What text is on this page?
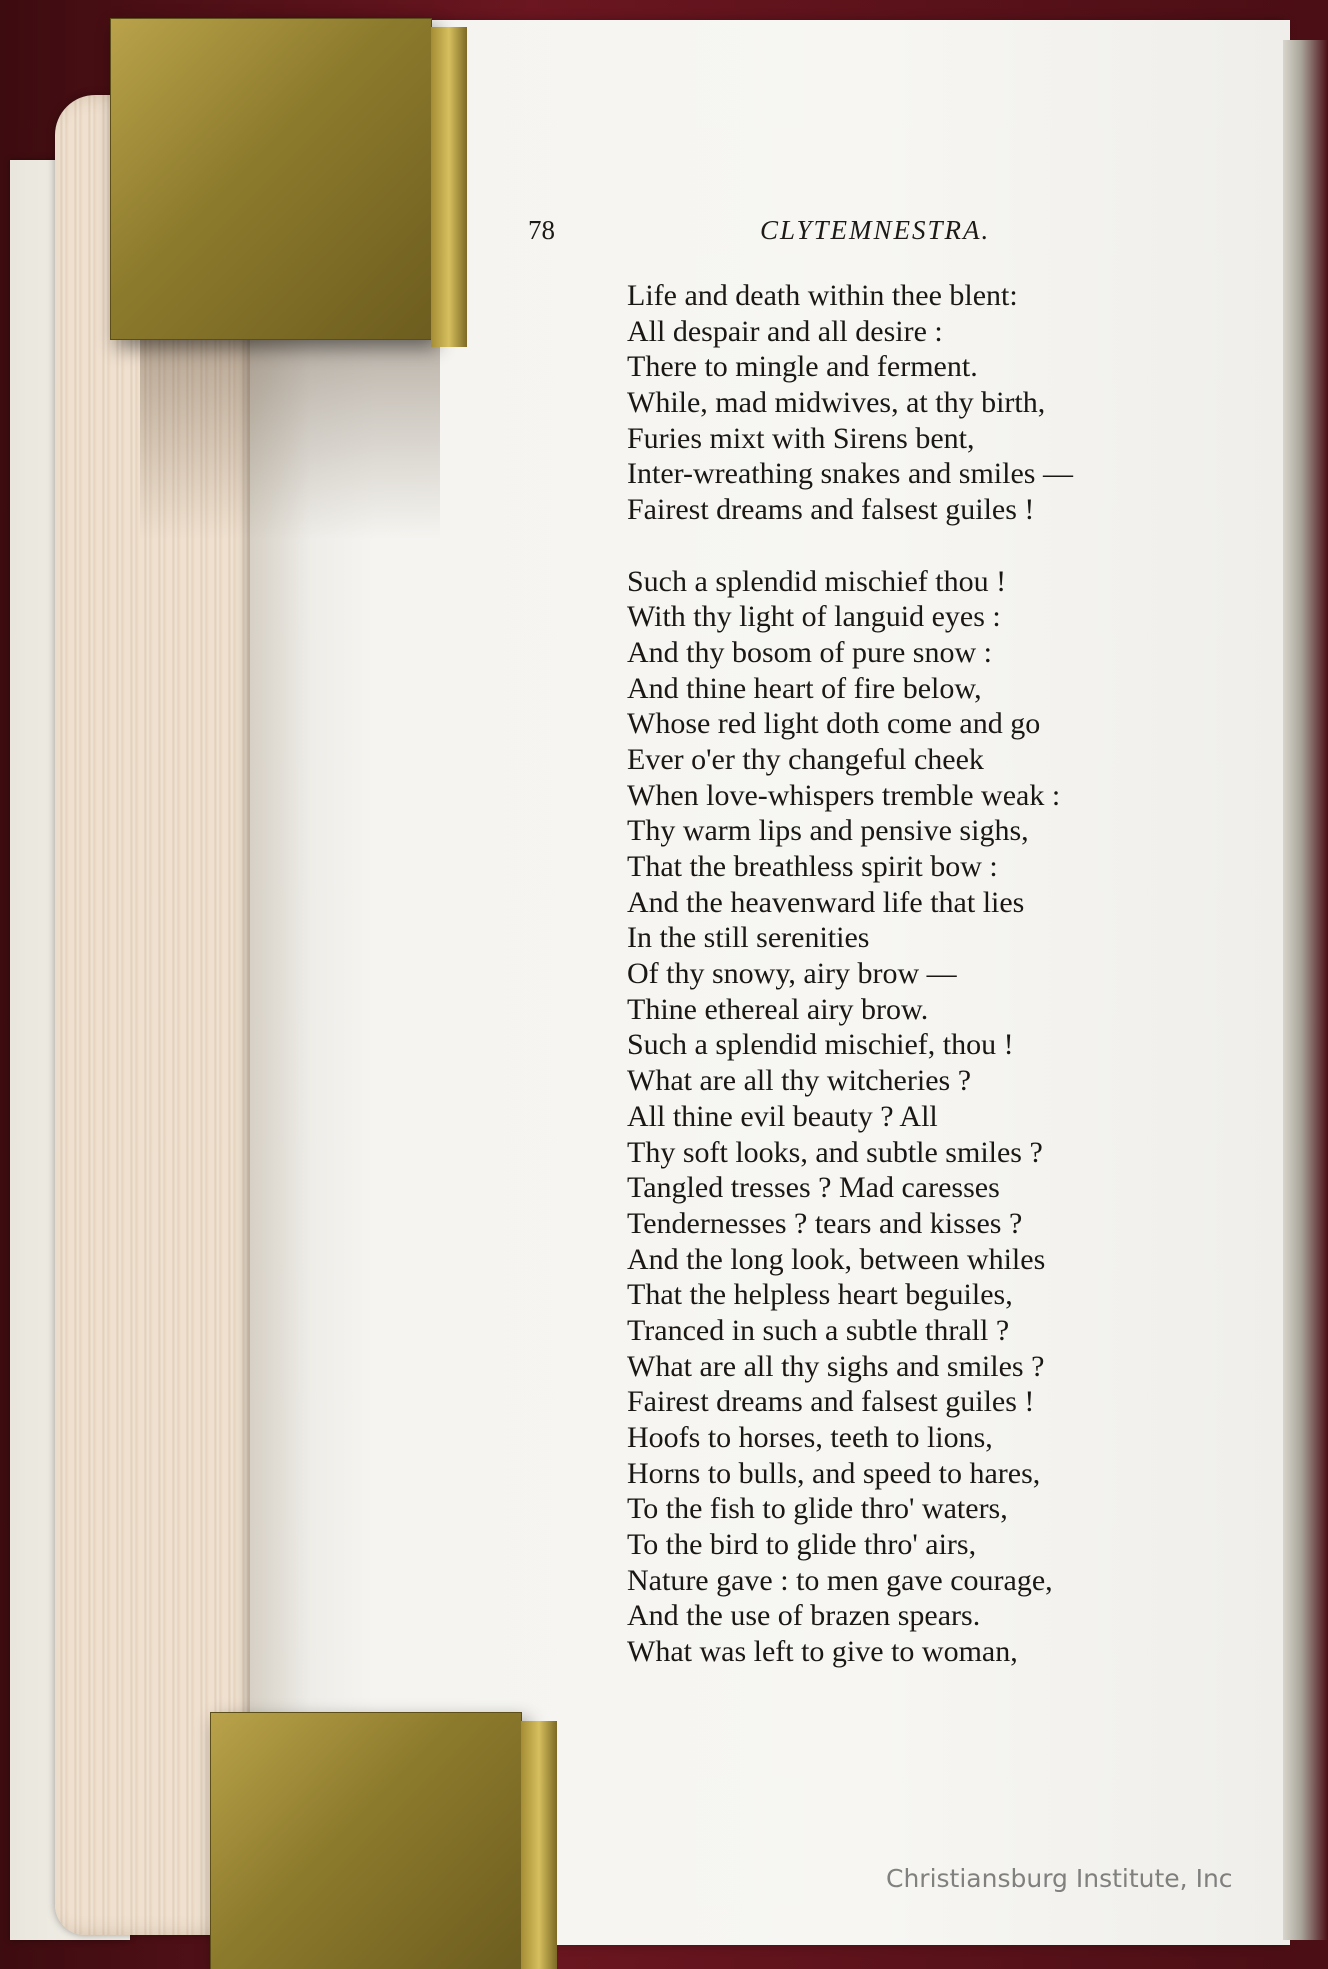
78	CLYTEMNESTRA.
Life and death within thee blent:
All despair and all desire :
There to mingle and ferment.
While, mad midwives, at thy birth,
Furies mixt with Sirens bent,
Inter-wreathing snakes and smiles —
Fairest dreams and falsest guiles !
Such a splendid mischief thou !
With thy light of languid eyes :
And thy bosom of pure snow :
And thine heart of fire below,
Whose red light doth come and go
Ever o'er thy changeful cheek
When love-whispers tremble weak :
Thy warm lips and pensive sighs,
That the breathless spirit bow :
And the heavenward life that lies
In the still serenities
Of thy snowy, airy brow —
Thine ethereal airy brow.
Such a splendid mischief, thou !
What are all thy witcheries ?
All thine evil beauty ? All
Thy soft looks, and subtle smiles ?
Tangled tresses ? Mad caresses
Tendernesses ? tears and kisses ?
And the long look, between whiles
That the helpless heart beguiles,
Tranced in such a subtle thrall ?
What are all thy sighs and smiles ?
Fairest dreams and falsest guiles !
Hoofs to horses, teeth to lions,
Horns to bulls, and speed to hares,
To the fish to glide thro' waters,
To the bird to glide thro' airs,
Nature gave : to men gave courage,
And the use of brazen spears.
What was left to give to woman,
Christiansburg Institute, Inc
